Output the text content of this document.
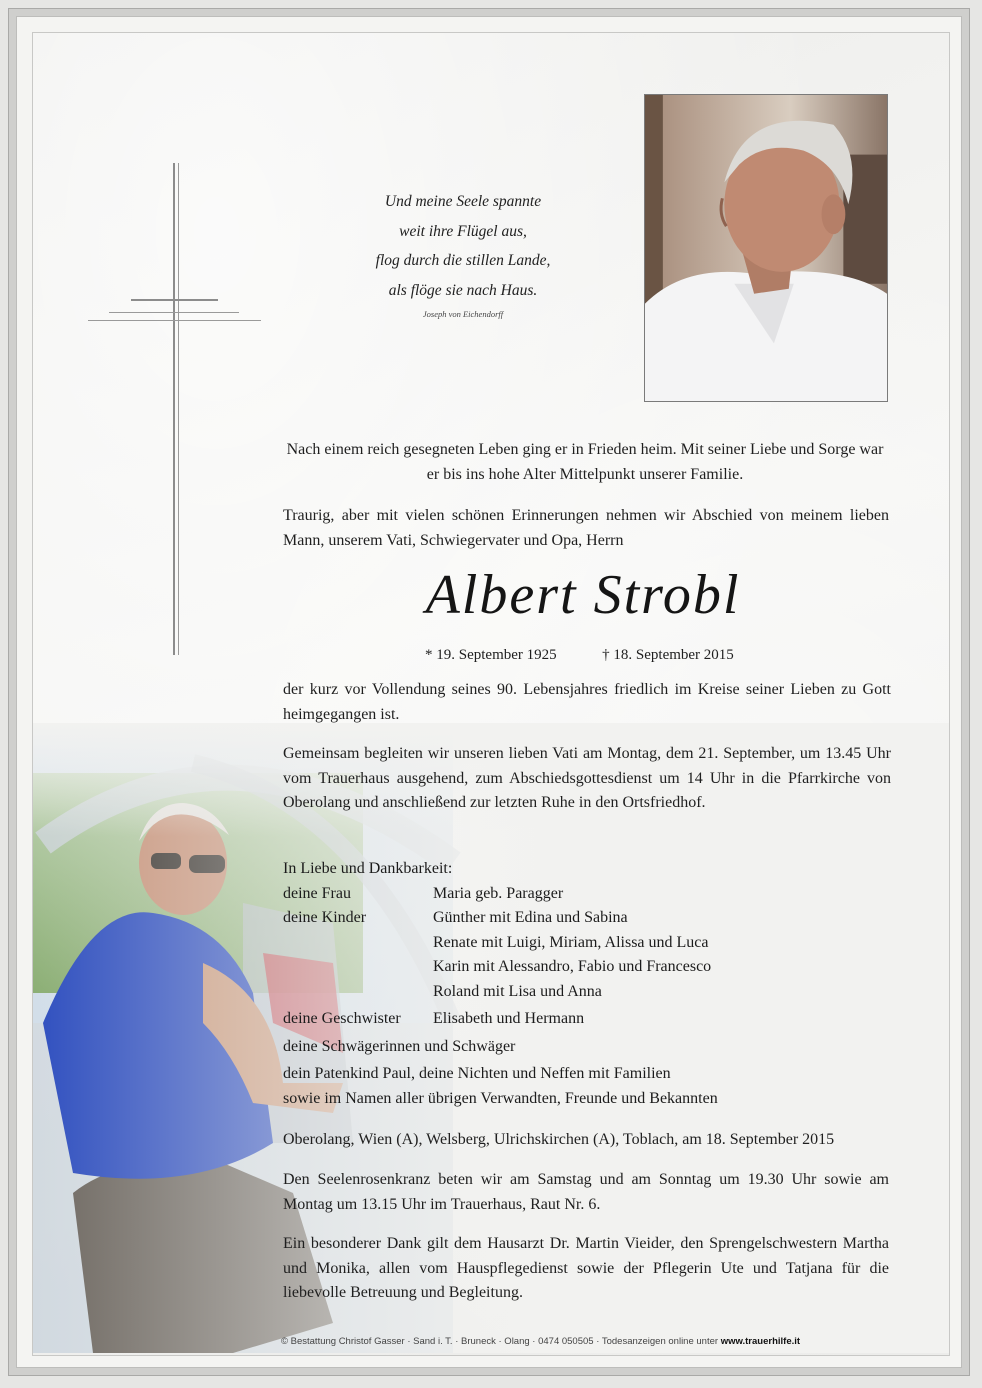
Und meine Seele spannte
weit ihre Flügel aus,
flog durch die stillen Lande,
als flöge sie nach Haus.
Joseph von Eichendorff
Nach einem reich gesegneten Leben ging er in Frieden heim. Mit seiner Liebe und Sorge war er bis ins hohe Alter Mittelpunkt unserer Familie.
Traurig, aber mit vielen schönen Erinnerungen nehmen wir Abschied von meinem lieben Mann, unserem Vati, Schwiegervater und Opa, Herrn
Albert Strobl
* 19. September 1925	† 18. September 2015
der kurz vor Vollendung seines 90. Lebensjahres friedlich im Kreise seiner Lieben zu Gott heimgegangen ist.
Gemeinsam begleiten wir unseren lieben Vati am Montag, dem 21. September, um 13.45 Uhr vom Trauerhaus ausgehend, zum Abschiedsgottesdienst um 14 Uhr in die Pfarrkirche von Oberolang und anschließend zur letzten Ruhe in den Ortsfriedhof.
In Liebe und Dankbarkeit:
deine Frau	Maria geb. Paragger
deine Kinder	Günther mit Edina und Sabina
Renate mit Luigi, Miriam, Alissa und Luca
Karin mit Alessandro, Fabio und Francesco
Roland mit Lisa und Anna
deine Geschwister	Elisabeth und Hermann
deine Schwägerinnen und Schwäger
dein Patenkind Paul, deine Nichten und Neffen mit Familien
sowie im Namen aller übrigen Verwandten, Freunde und Bekannten
Oberolang, Wien (A), Welsberg, Ulrichskirchen (A), Toblach, am 18. September 2015
Den Seelenrosenkranz beten wir am Samstag und am Sonntag um 19.30 Uhr sowie am Montag um 13.15 Uhr im Trauerhaus, Raut Nr. 6.
Ein besonderer Dank gilt dem Hausarzt Dr. Martin Vieider, den Sprengelschwestern Martha und Monika, allen vom Hauspflegedienst sowie der Pflegerin Ute und Tatjana für die liebevolle Betreuung und Begleitung.
© Bestattung Christof Gasser · Sand i. T. · Bruneck · Olang · 0474 050505 · Todesanzeigen online unter www.trauerhilfe.it
